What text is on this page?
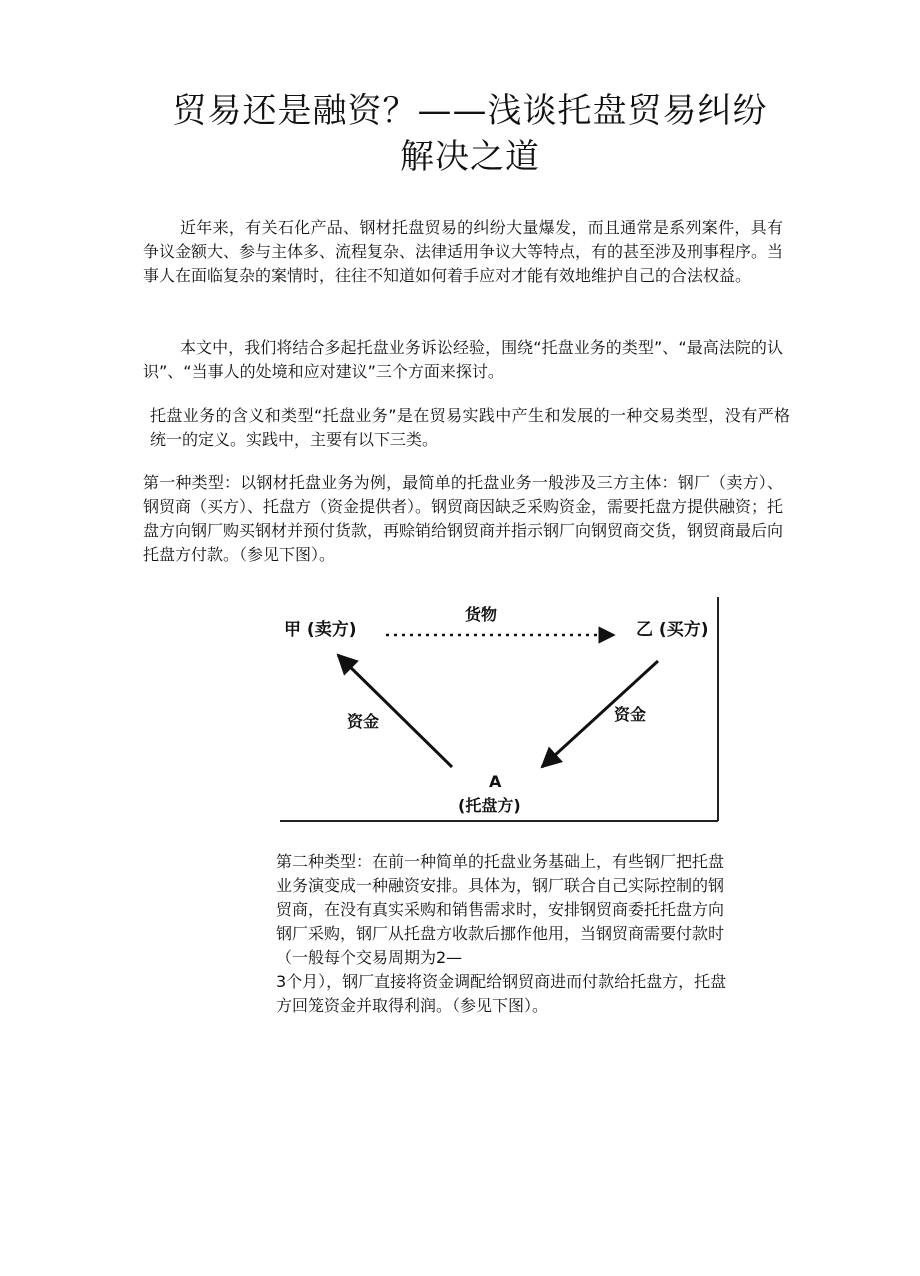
贸易还是融资？——浅谈托盘贸易纠纷
解决之道

近年来，有关石化产品、钢材托盘贸易的纠纷大量爆发，而且通常是系列案件，具有争议金额大、参与主体多、流程复杂、法律适用争议大等特点，有的甚至涉及刑事程序。当事人在面临复杂的案情时，往往不知道如何着手应对才能有效地维护自己的合法权益。

本文中，我们将结合多起托盘业务诉讼经验，围绕“托盘业务的类型”、“最高法院的认识”、“当事人的处境和应对建议”三个方面来探讨。

托盘业务的含义和类型“托盘业务”是在贸易实践中产生和发展的一种交易类型，没有严格统一的定义。实践中，主要有以下三类。

第一种类型：以钢材托盘业务为例，最简单的托盘业务一般涉及三方主体：钢厂（卖方）、钢贸商（买方）、托盘方（资金提供者）。钢贸商因缺乏采购资金，需要托盘方提供融资；托盘方向钢厂购买钢材并预付货款，再赊销给钢贸商并指示钢厂向钢贸商交货，钢贸商最后向托盘方付款。（参见下图）。

甲 (卖方)	乙 (买方)
货物
资金	资金
A
(托盘方)
第二种类型：在前一种简单的托盘业务基础上，有些钢厂把托盘
业务演变成一种融资安排。具体为，钢厂联合自己实际控制的钢
贸商，在没有真实采购和销售需求时，安排钢贸商委托托盘方向
钢厂采购，钢厂从托盘方收款后挪作他用，当钢贸商需要付款时
（一般每个交易周期为2—
3个月），钢厂直接将资金调配给钢贸商进而付款给托盘方，托盘
方回笼资金并取得利润。（参见下图）。
